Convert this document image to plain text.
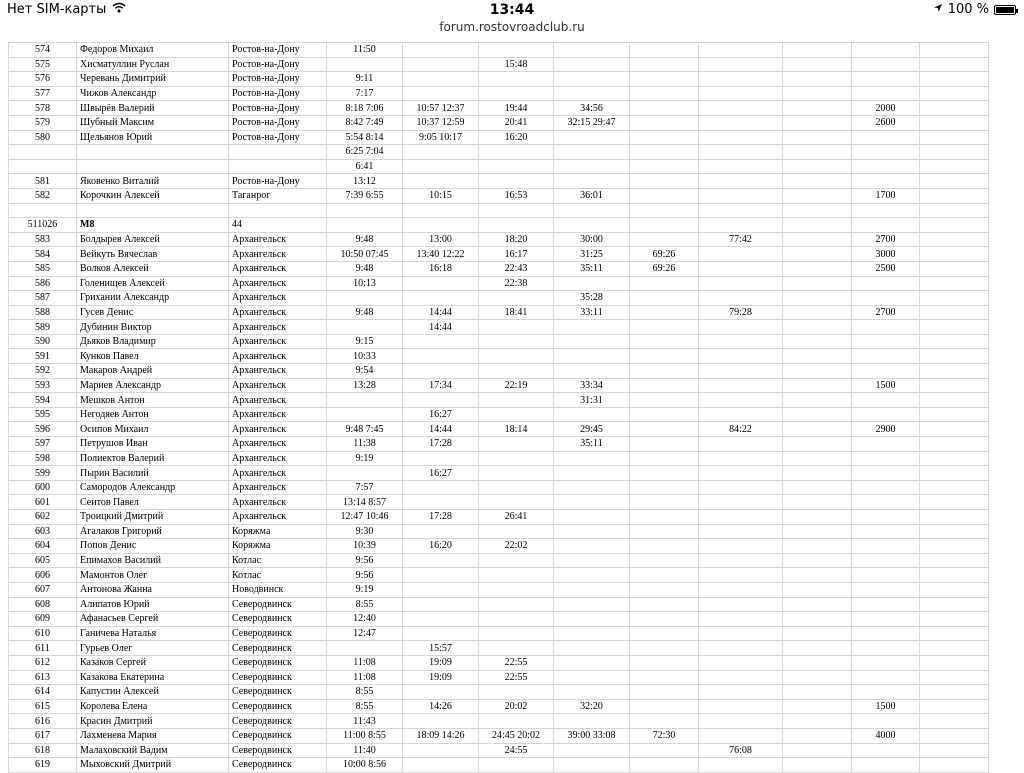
Нет SIM-карты	13:44	100 %
forum.rostovroadclub.ru
574	Федоров Михаил	Ростов-на-Дону	11:50								
575	Хисматуллин Руслан	Ростов-на-Дону			15:48						
576	Черевань Димитрий	Ростов-на-Дону	9:11								
577	Чижов Александр	Ростов-на-Дону	7:17								
578	Швырёв Валерий	Ростов-на-Дону	8:18 7:06	10:57 12:37	19:44	34:56				2000	
579	Шубный Максим	Ростов-на-Дону	8:42 7:49	10:37 12:59	20:41	32:15 29:47				2600	
580	Щельянов Юрий	Ростов-на-Дону	5:54 8:14	9:05 10:17	16:20						
			6:25 7:04								
			6:41								
581	Яковенко Виталий	Ростов-на-Дону	13:12								
582	Корочкин Алексей	Таганрог	7:39 6:55	10:15	16:53	36:01				1700	

511026	M8	44									
583	Болдырев Алексей	Архангельск	9:48	13:00	18:20	30:00		77:42		2700	
584	Вейкуть Вячеслав	Архангельск	10:50 07:45	13:40 12:22	16:17	31:25	69:26			3000	
585	Волков Алексей	Архангельск	9:48	16:18	22:43	35:11	69:26			2500	
586	Голенищев Алексей	Архангельск	10:13		22:38						
587	Грихании Александр	Архангельск				35:28					
588	Гусев Денис	Архангельск	9:48	14:44	18:41	33:11		79:28		2700	
589	Дубинин Виктор	Архангельск		14:44							
590	Дьяков Владимир	Архангельск	9:15								
591	Кунков Павел	Архангельск	10:33								
592	Макаров Андрей	Архангельск	9:54								
593	Мариев Александр	Архангельск	13:28	17:34	22:19	33:34				1500	
594	Мешков Антон	Архангельск				31:31					
595	Негодяев Антон	Архангельск		16:27							
596	Осипов Михаил	Архангельск	9:48 7:45	14:44	18:14	29:45		84:22		2900	
597	Петрушов Иван	Архангельск	11:38	17:28		35:11					
598	Полиектов Валерий	Архангельск	9:19								
599	Пырин Василий	Архангельск		16:27							
600	Самородов Александр	Архангельск	7:57								
601	Сеитов Павел	Архангельск	13:14 8:57								
602	Троицкий Дмитрий	Архангельск	12:47 10:46	17:28	26:41						
603	Агалаков Григорий	Коряжма	9:30								
604	Попов Денис	Коряжма	10:39	16:20	22:02						
605	Епимахов Василий	Котлас	9:56								
606	Мамонтов Олег	Котлас	9:56								
607	Антонова Жанна	Новодвинск	9:19								
608	Алипатов Юрий	Северодвинск	8:55								
609	Афанасьев Сергей	Северодвинск	12:40								
610	Ганичева Наталья	Северодвинск	12:47								
611	Гурьев Олег	Северодвинск		15:57							
612	Казаков Сергей	Северодвинск	11:08	19:09	22:55						
613	Казакова Екатерина	Северодвинск	11:08	19:09	22:55						
614	Капустин Алексей	Северодвинск	8:55								
615	Королева Елена	Северодвинск	8:55	14:26	20:02	32:20				1500	
616	Красин Дмитрий	Северодвинск	11:43								
617	Лахменева Мария	Северодвинск	11:00 8:55	18:09 14:26	24:45 20:02	39:00 33:08	72:30			4000	
618	Малаховский Вадим	Северодвинск	11:40		24:55			76:08			
619	Мыховский Дмитрий	Северодвинск	10:00 8:56								
